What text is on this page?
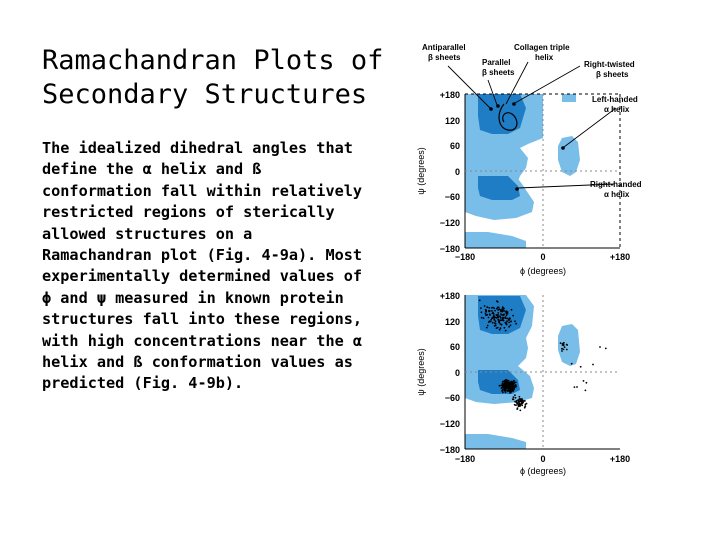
Ramachandran Plots of
Secondary Structures
The idealized dihedral angles that
define the α helix and ß
conformation fall within relatively
restricted regions of sterically
allowed structures on a
Ramachandran plot (Fig. 4-9a). Most
experimentally determined values of
ϕ and ψ measured in known protein
structures fall into these regions,
with high concentrations near the α
helix and ß conformation values as
predicted (Fig. 4-9b).
+180
120
60
0
−60
−120
−180
−180	0	+180
ϕ (degrees)
ψ (degrees)
Antiparallel
β sheets
Parallel
β sheets
Collagen triple
helix
Right-twisted
β sheets
Left-handed
α helix
Right-handed
α helix
+180
120
60
0
−60
−120
−180
−180	0	+180
ϕ (degrees)
ψ (degrees)
